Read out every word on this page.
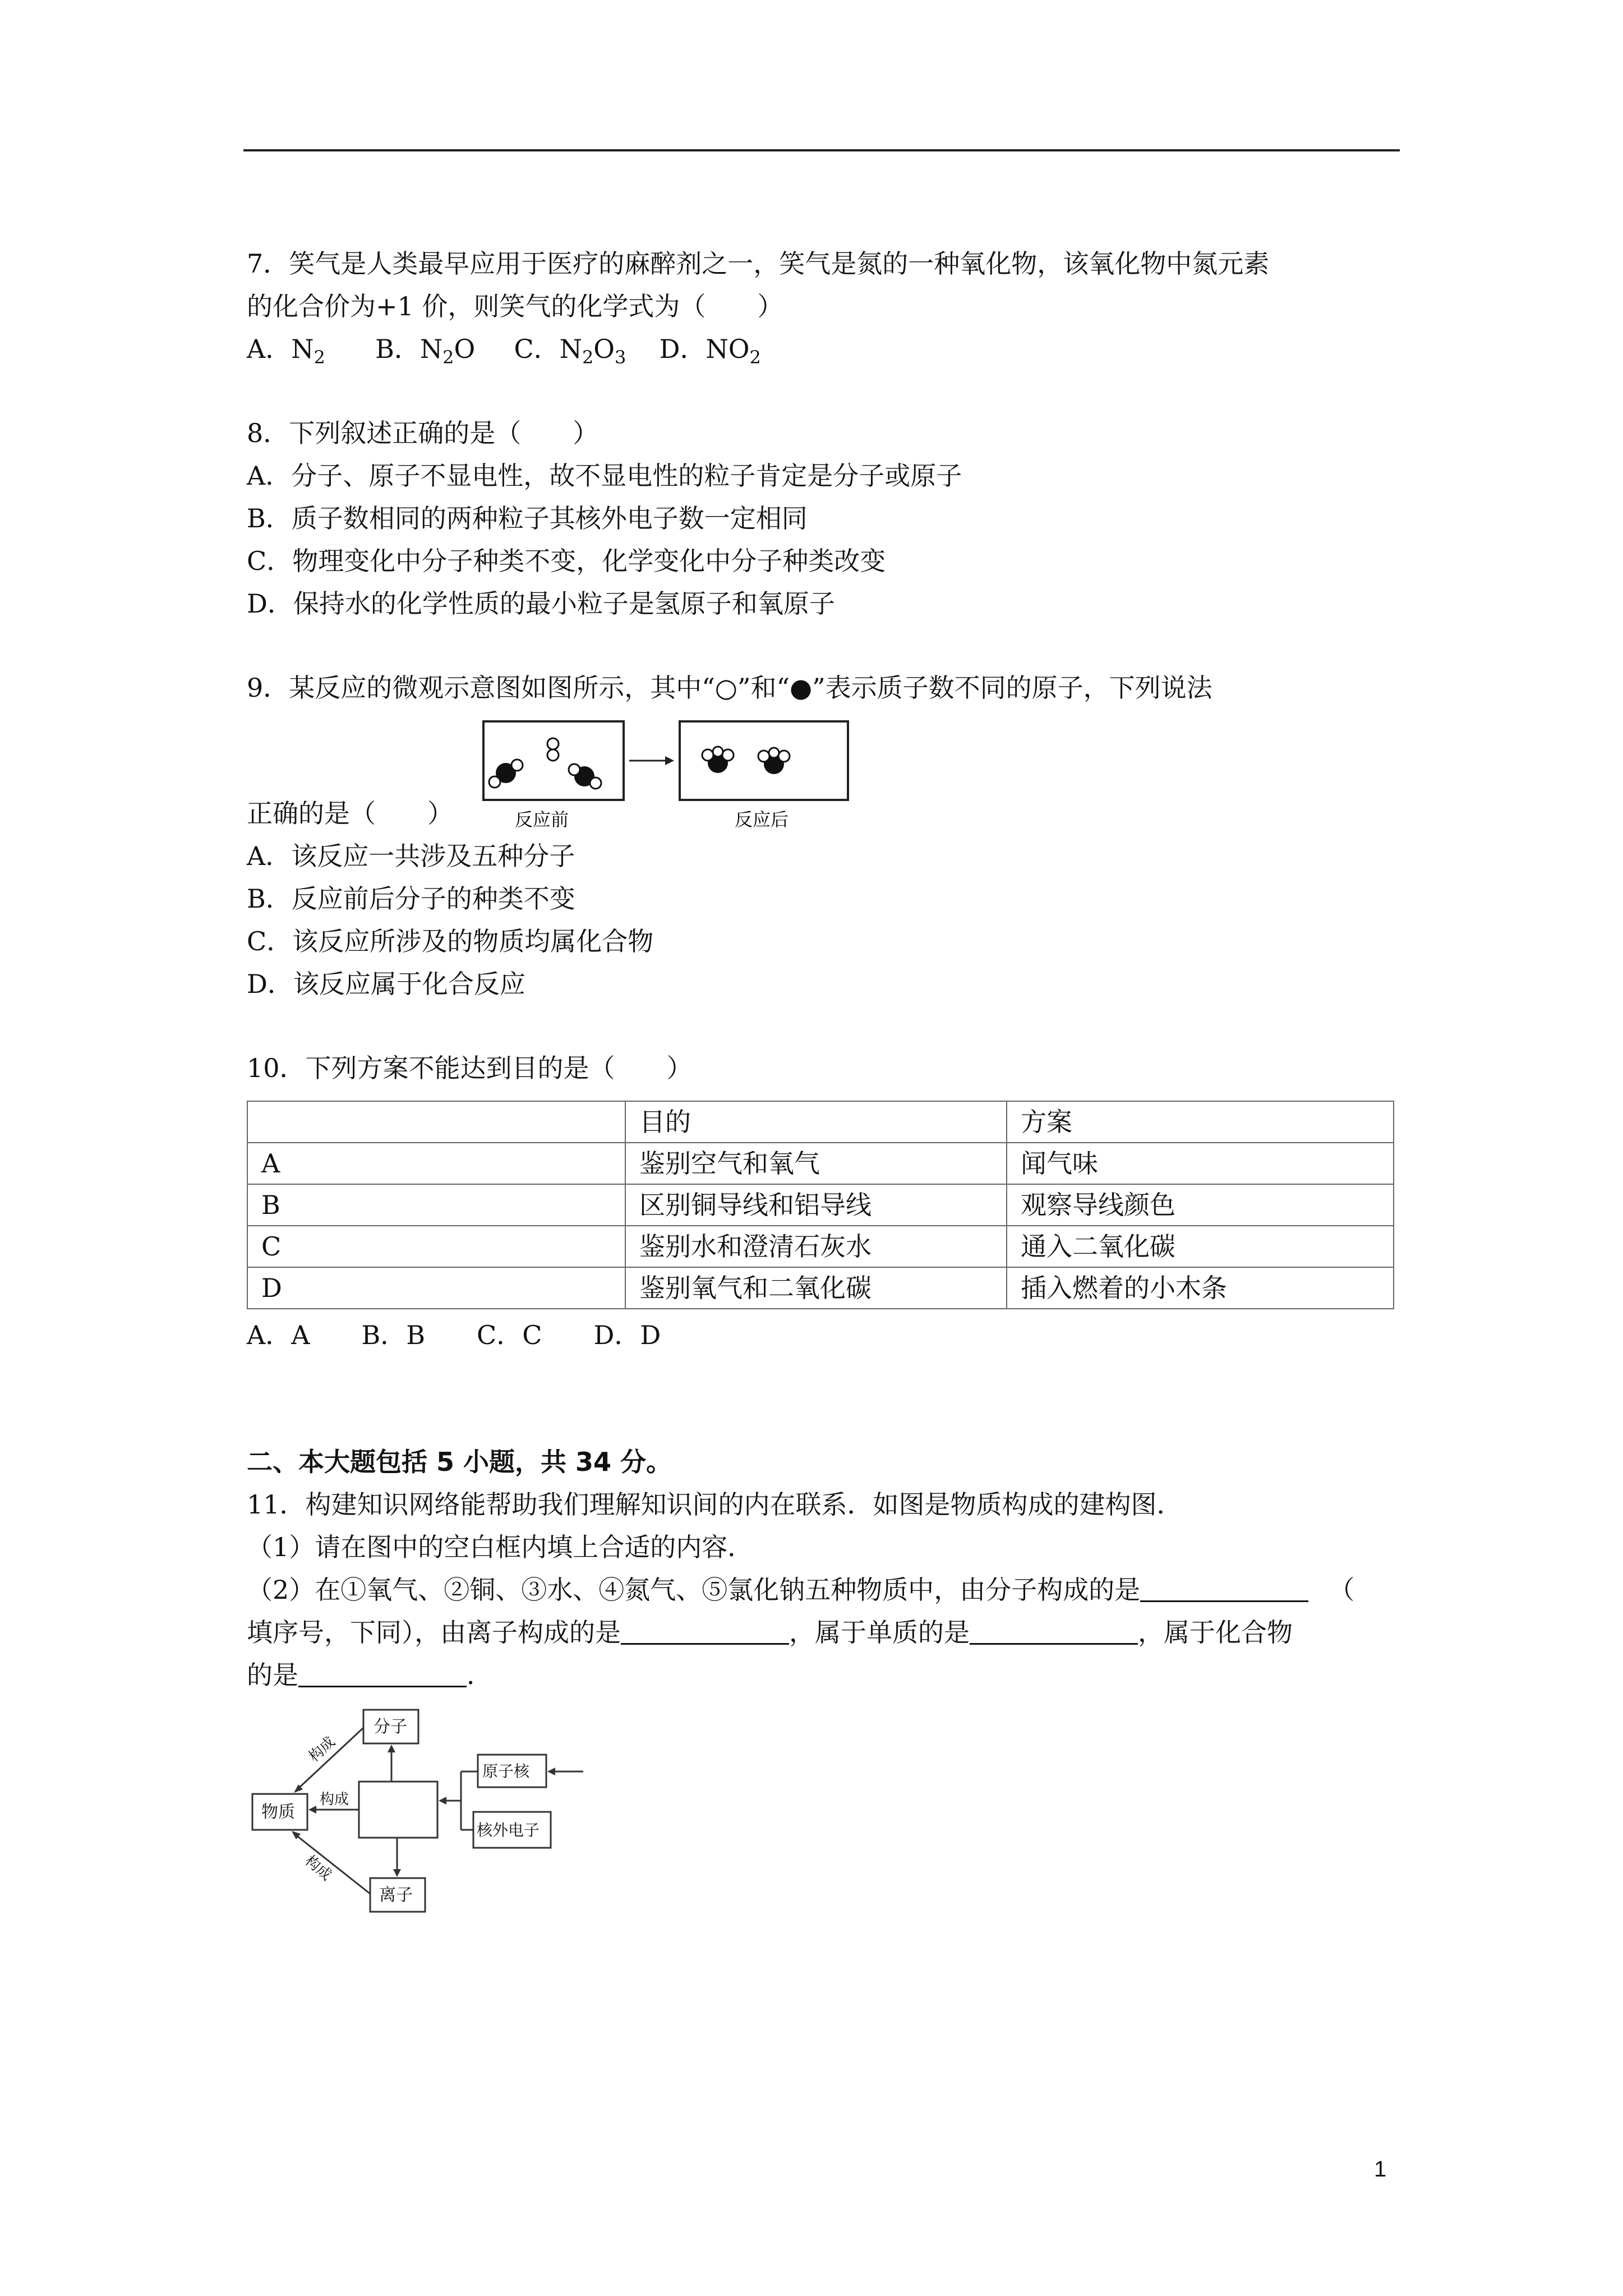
7．笑气是人类最早应用于医疗的麻醉剂之一，笑气是氮的一种氧化物，该氧化物中氮元素
的化合价为+1 价，则笑气的化学式为（　　）
A．$N_2$ B．$N_2O$ C．$N_2O_3$ D．$NO_2$
8．下列叙述正确的是（　　）
A．分子、原子不显电性，故不显电性的粒子肯定是分子或原子
B．质子数相同的两种粒子其核外电子数一定相同
C．物理变化中分子种类不变，化学变化中分子种类改变
D．保持水的化学性质的最小粒子是氢原子和氧原子
9．某反应的微观示意图如图所示，其中“○”和“●”表示质子数不同的原子，下列说法
反应前	反应后
正确的是（　　）
A．该反应一共涉及五种分子
B．反应前后分子的种类不变
C．该反应所涉及的物质均属化合物
D．该反应属于化合反应
10．下列方案不能达到目的是（　　）
	目的	方案
A	鉴别空气和氧气	闻气味
B	区别铜导线和铝导线	观察导线颜色
C	鉴别水和澄清石灰水	通入二氧化碳
D	鉴别氧气和二氧化碳	插入燃着的小木条
A．A　　B．B　　C．C　　D．D
二、本大题包括 5 小题，共 34 分。
11．构建知识网络能帮助我们理解知识间的内在联系．如图是物质构成的建构图．
（1）请在图中的空白框内填上合适的内容．
（2）在①氧气、②铜、③水、④氮气、⑤氯化钠五种物质中，由分子构成的是	（
填序号，下同），由离子构成的是	，属于单质的是	，属于化合物
的是	．
物质
分子
离子
原子核
核外电子
构成
构成
构成
1
